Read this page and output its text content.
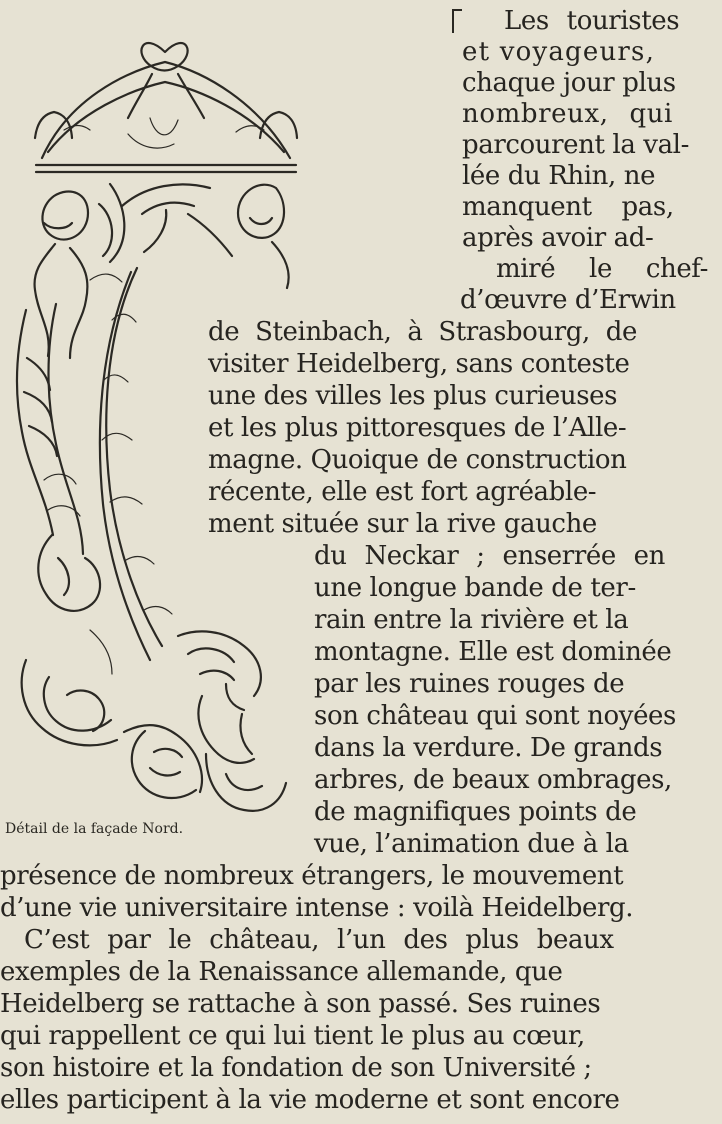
Détail de la façade Nord.
Les touristes
et voyageurs,
chaque jour plus
nombreux, qui
parcourent la val-
lée du Rhin, ne
manquent pas,
après avoir ad-
miré le chef-
d’œuvre d’Erwin
de Steinbach, à Strasbourg, de
visiter Heidelberg, sans conteste
une des villes les plus curieuses
et les plus pittoresques de l’Alle-
magne. Quoique de construction
récente, elle est fort agréable-
ment située sur la rive gauche
du Neckar ; enserrée en
une longue bande de ter-
rain entre la rivière et la
montagne. Elle est dominée
par les ruines rouges de
son château qui sont noyées
dans la verdure. De grands
arbres, de beaux ombrages,
de magnifiques points de
vue, l’animation due à la
présence de nombreux étrangers, le mouvement
d’une vie universitaire intense : voilà Heidelberg.
C’est par le château, l’un des plus beaux
exemples de la Renaissance allemande, que
Heidelberg se rattache à son passé. Ses ruines
qui rappellent ce qui lui tient le plus au cœur,
son histoire et la fondation de son Université ;
elles participent à la vie moderne et sont encore
